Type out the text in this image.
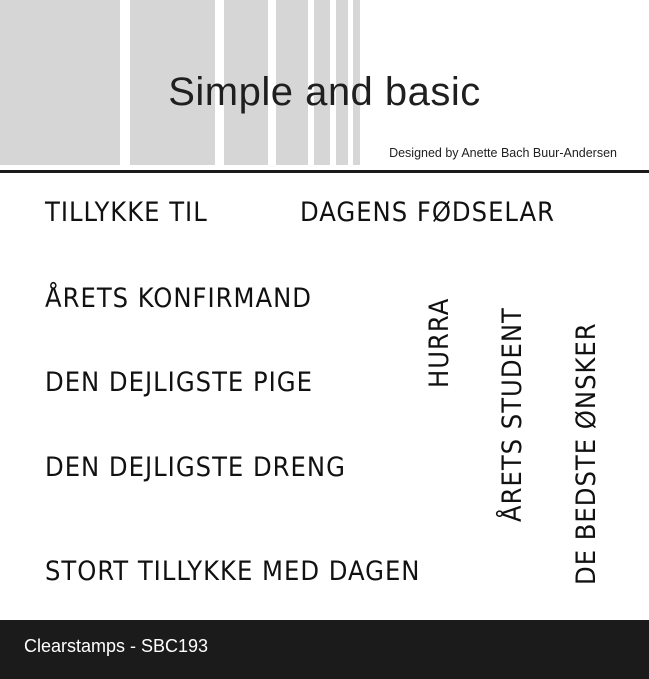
Simple and basic
Designed by Anette Bach Buur-Andersen
TILLYKKE TIL	DAGENS FØDSELAR
ÅRETS KONFIRMAND
DEN DEJLIGSTE PIGE
DEN DEJLIGSTE DRENG
STORT TILLYKKE MED DAGEN
HURRA ÅRETS STUDENT DE BEDSTE ØNSKER
Clearstamps - SBC193
